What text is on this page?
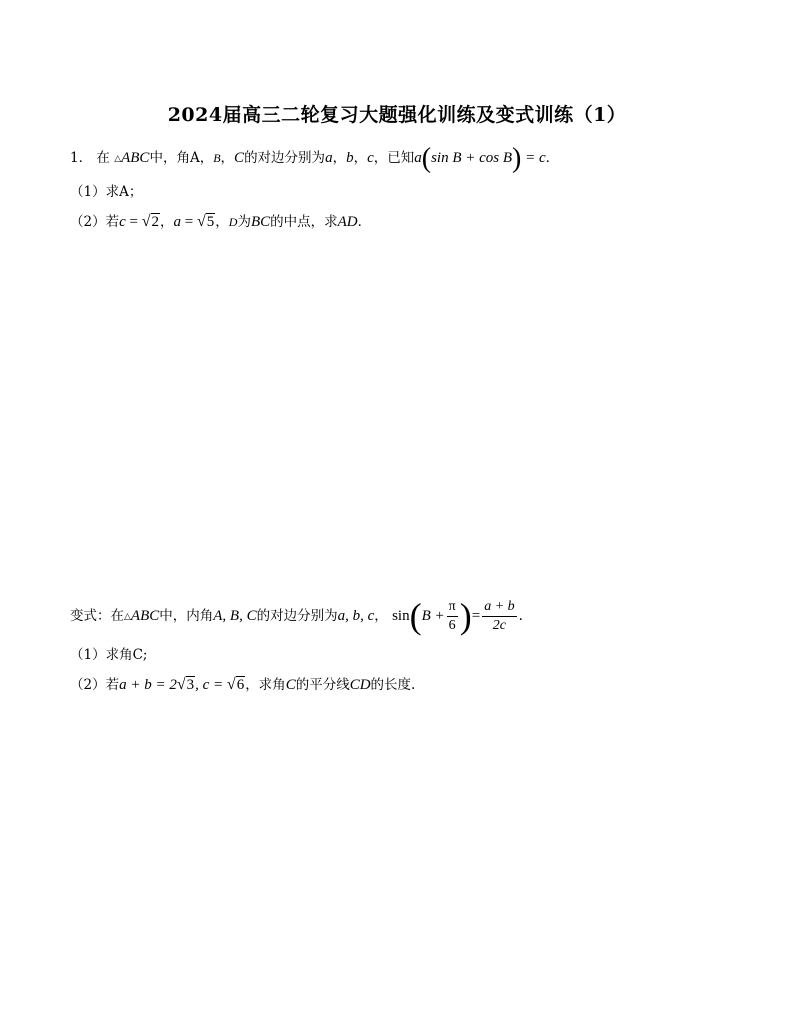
2024届高三二轮复习大题强化训练及变式训练（1）
1． 在 △ABC中，角A，B，C的对边分别为a，b，c，已知a(sin B + cos B) = c．
（1）求A；
（2）若c = √2，a = √5，D为BC的中点，求AD．
变式：在△ABC中，内角A, B, C的对边分别为a, b, c， $\sin(B + \frac{\pi}{6}$ )= $\frac{a + b}{2c}$ .
（1）求角C;
（2）若a + b = 2√3, c = √6，求角C的平分线CD的长度.
